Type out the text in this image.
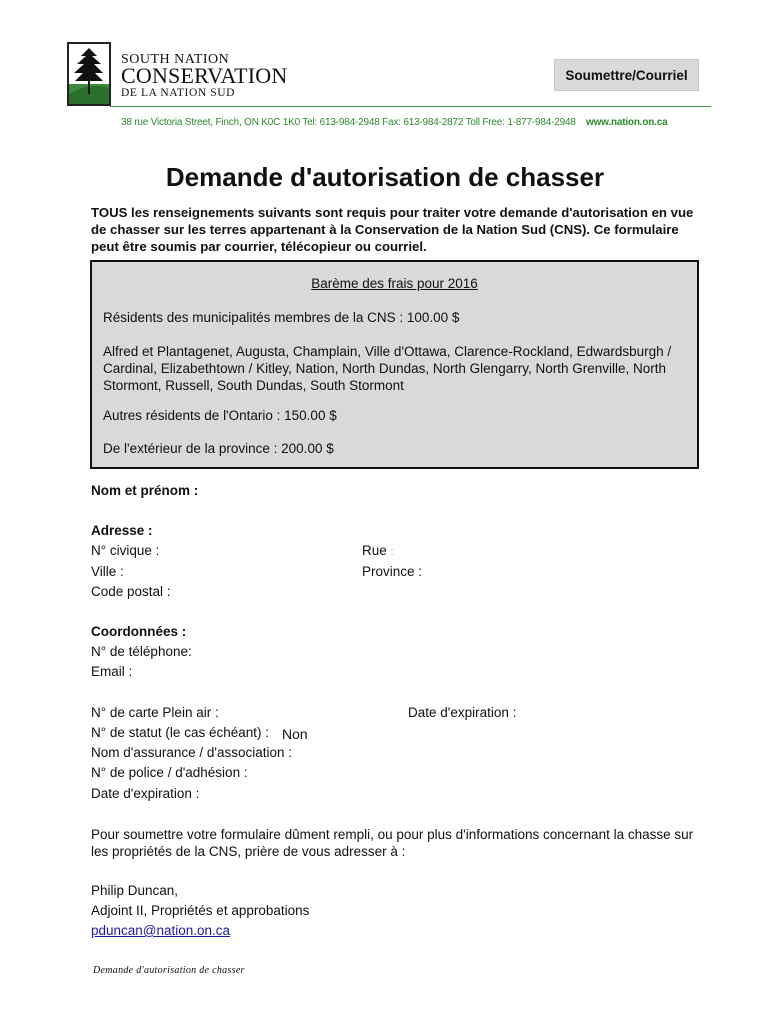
SOUTH NATION
CONSERVATION
DE LA NATION SUD
Soumettre/Courriel
38 rue Victoria Street, Finch, ON K0C 1K0 Tel: 613-984-2948 Fax: 613-984-2872 Toll Free: 1-877-984-2948 www.nation.on.ca
Demande d'autorisation de chasser
TOUS les renseignements suivants sont requis pour traiter votre demande d'autorisation en vue de chasser sur les terres appartenant à la Conservation de la Nation Sud (CNS). Ce formulaire peut être soumis par courrier, télécopieur ou courriel.
Barème des frais pour 2016
Résidents des municipalités membres de la CNS : 100.00 $
Alfred et Plantagenet, Augusta, Champlain, Ville d'Ottawa, Clarence-Rockland, Edwardsburgh / Cardinal, Elizabethtown / Kitley, Nation, North Dundas, North Glengarry, North Grenville, North Stormont, Russell, South Dundas, South Stormont
Autres résidents de l'Ontario : 150.00 $
De l'extérieur de la province : 200.00 $
Nom et prénom :
Adresse :
N° civique :	Rue :
Ville :	Province :
Code postal :
Coordonnées :
N° de téléphone:
Email :
N° de carte Plein air :	Date d'expiration :
N° de statut (le cas échéant) : Non
Nom d'assurance / d'association :
N° de police / d'adhésion :
Date d'expiration :
Pour soumettre votre formulaire dûment rempli, ou pour plus d'informations concernant la chasse sur les propriétés de la CNS, prière de vous adresser à :
Philip Duncan,
Adjoint II, Propriétés et approbations
pduncan@nation.on.ca
Demande d'autorisation de chasser
